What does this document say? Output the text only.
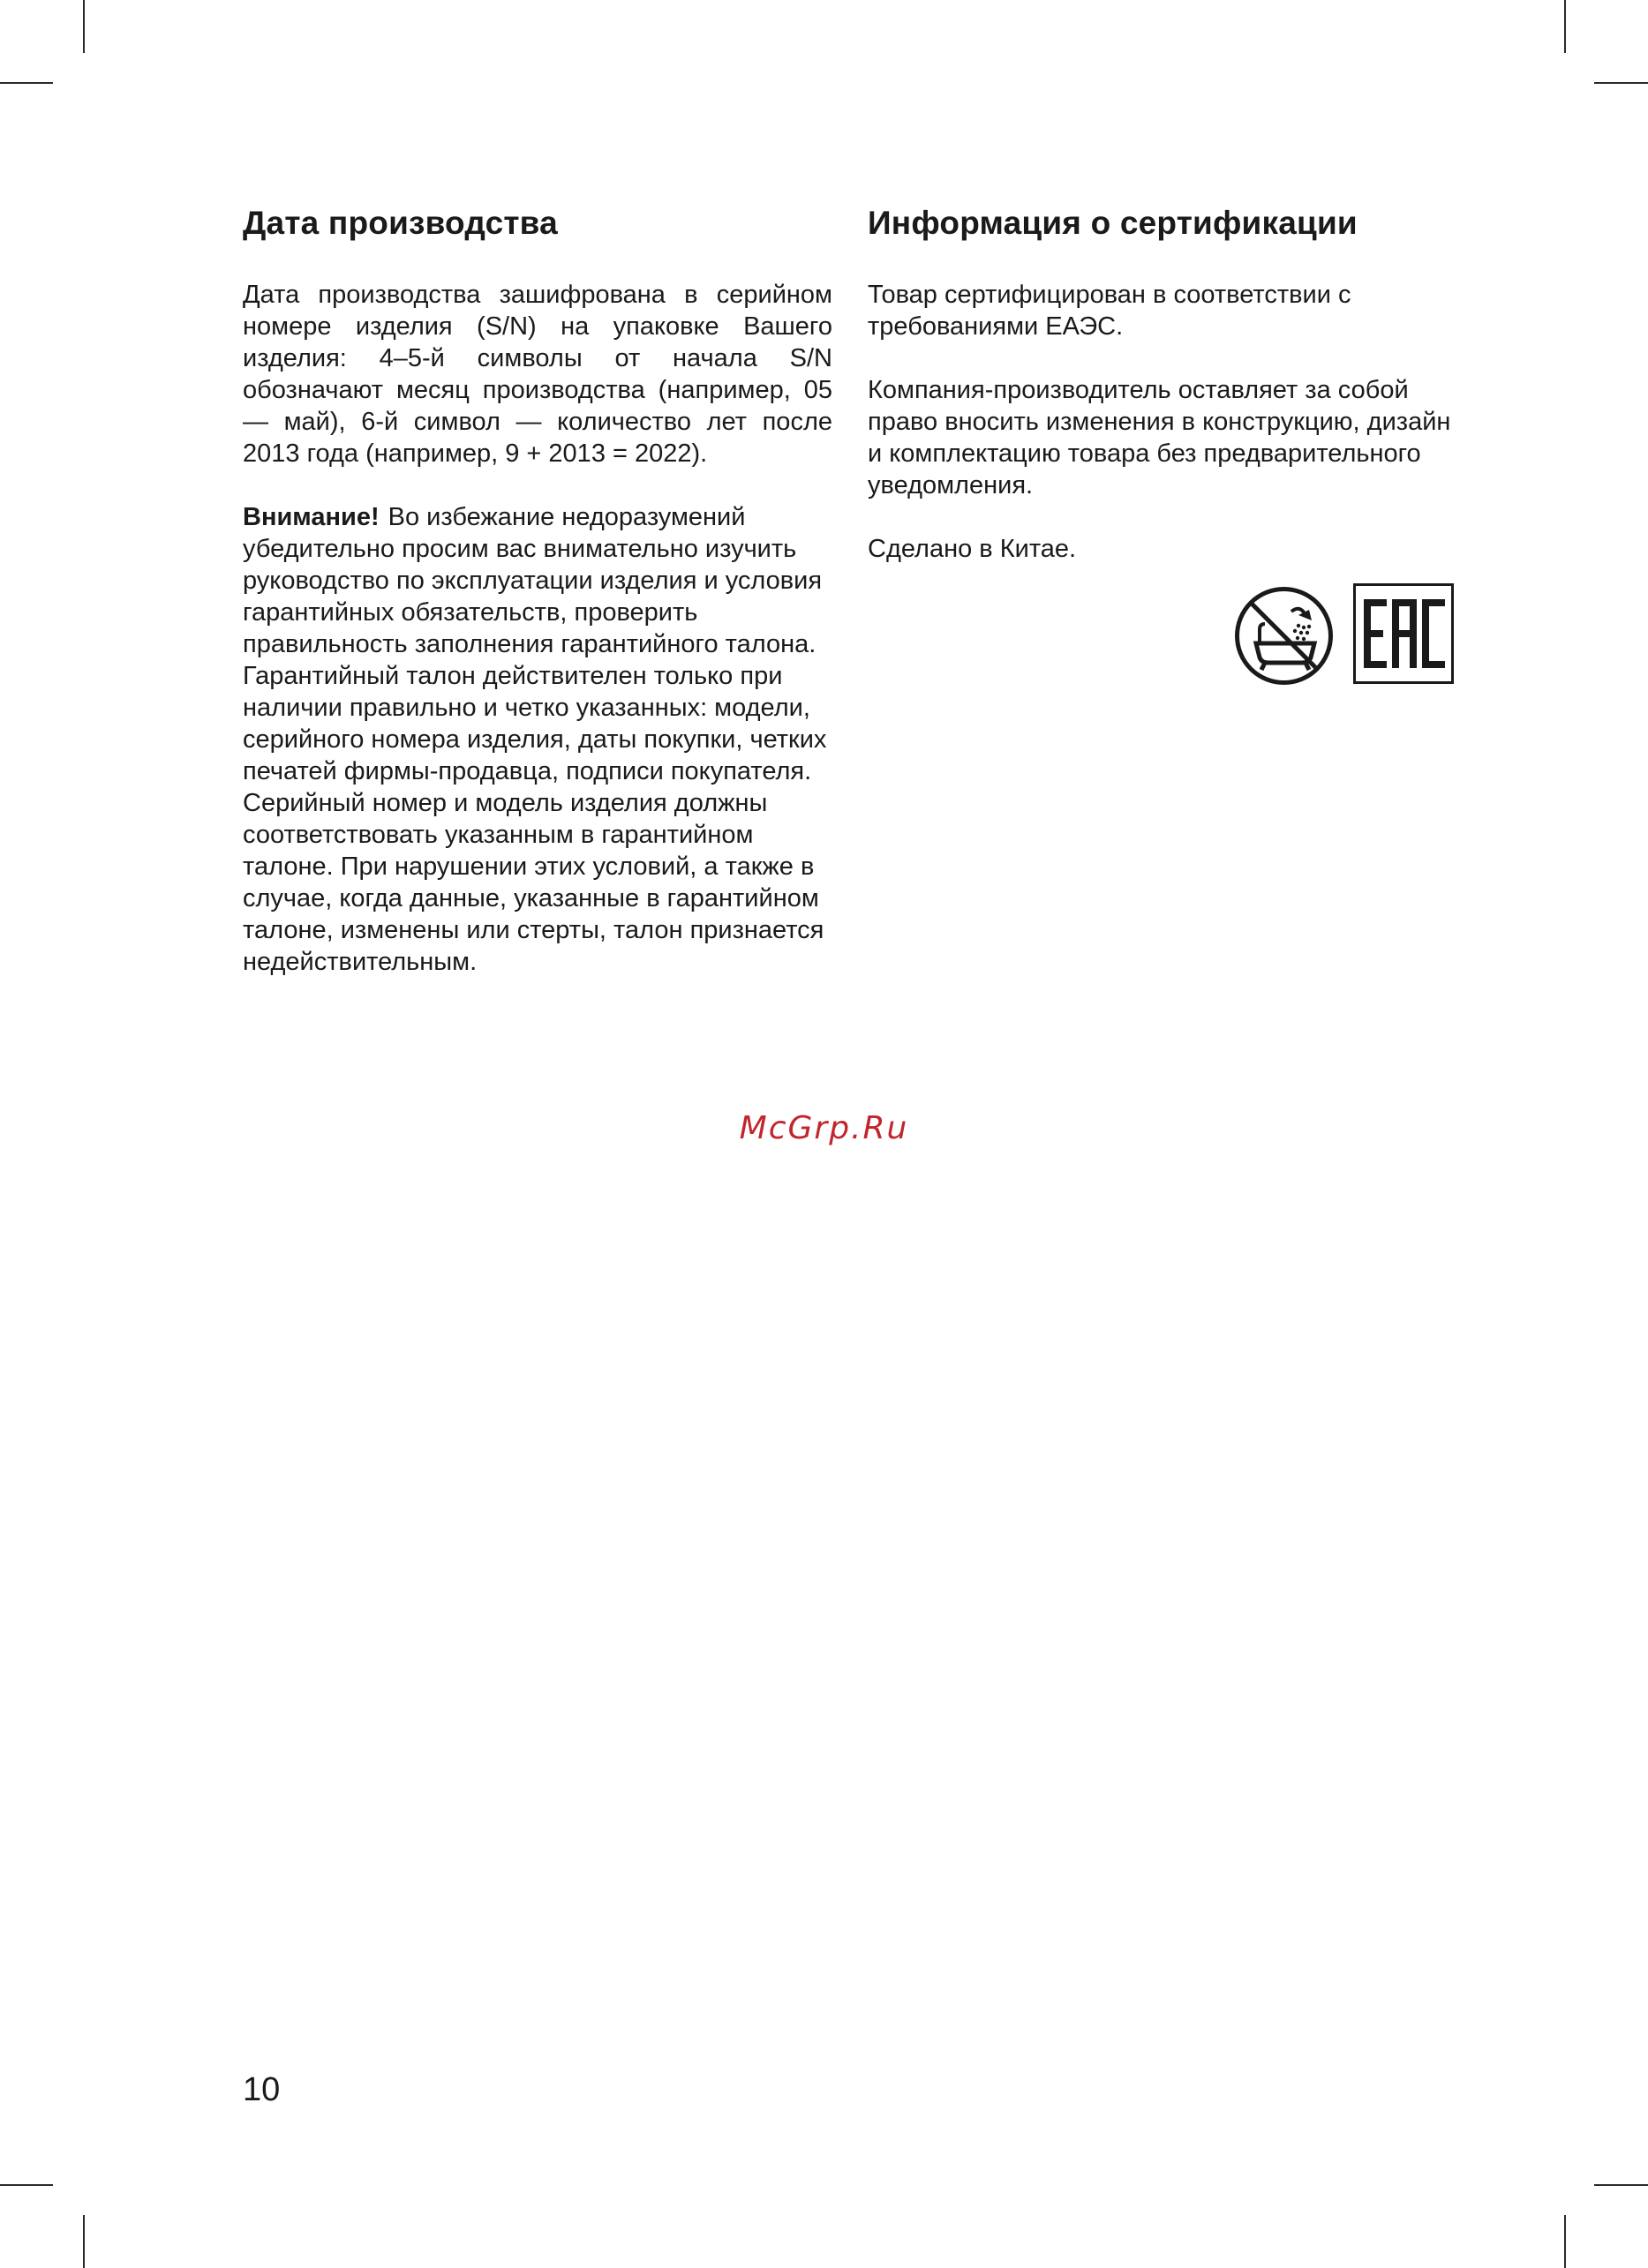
Дата производства

Дата производства зашифрована в серийном номере изделия (S/N) на упаковке Вашего изделия: 4–5-й символы от начала S/N обозначают месяц производства (например, 05 — май), 6-й символ — количество лет после 2013 года (например, 9 + 2013 = 2022).

Внимание! Во избежание недоразумений убедительно просим вас внимательно изучить руководство по эксплуатации изделия и условия гарантийных обязательств, проверить правильность заполнения гарантийного талона. Гарантийный талон действителен только при наличии правильно и четко указанных: модели, серийного номера изделия, даты покупки, четких печатей фирмы-продавца, подписи покупателя. Серийный номер и модель изделия должны соответствовать указанным в гарантийном талоне. При нарушении этих условий, а также в случае, когда данные, указанные в гарантийном талоне, изменены или стерты, талон признается недействительным.

Информация о сертификации

Товар сертифицирован в соответствии с требованиями ЕАЭС.

Компания-производитель оставляет за собой право вносить изменения в конструкцию, дизайн и комплектацию товара без предварительного уведомления.

Сделано в Китае.

McGrp.Ru
10
